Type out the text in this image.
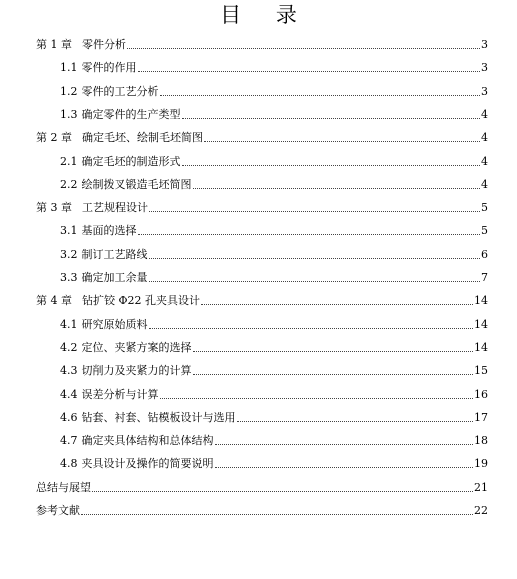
目 录
第 1 章 零件分析	3
1.1 零件的作用	3
1.2 零件的工艺分析	3
1.3 确定零件的生产类型	4
第 2 章 确定毛坯、绘制毛坯简图	4
2.1 确定毛坯的制造形式	4
2.2 绘制拨叉锻造毛坯简图	4
第 3 章 工艺规程设计	5
3.1 基面的选择	5
3.2 制订工艺路线	6
3.3 确定加工余量	7
第 4 章 钻扩铰 Φ22 孔夹具设计	14
4.1 研究原始质料	14
4.2 定位、夹紧方案的选择	14
4.3 切削力及夹紧力的计算	15
4.4 误差分析与计算	16
4.6 钻套、衬套、钻模板设计与选用	17
4.7 确定夹具体结构和总体结构	18
4.8 夹具设计及操作的简要说明	19
总结与展望	21
参考文献	22
